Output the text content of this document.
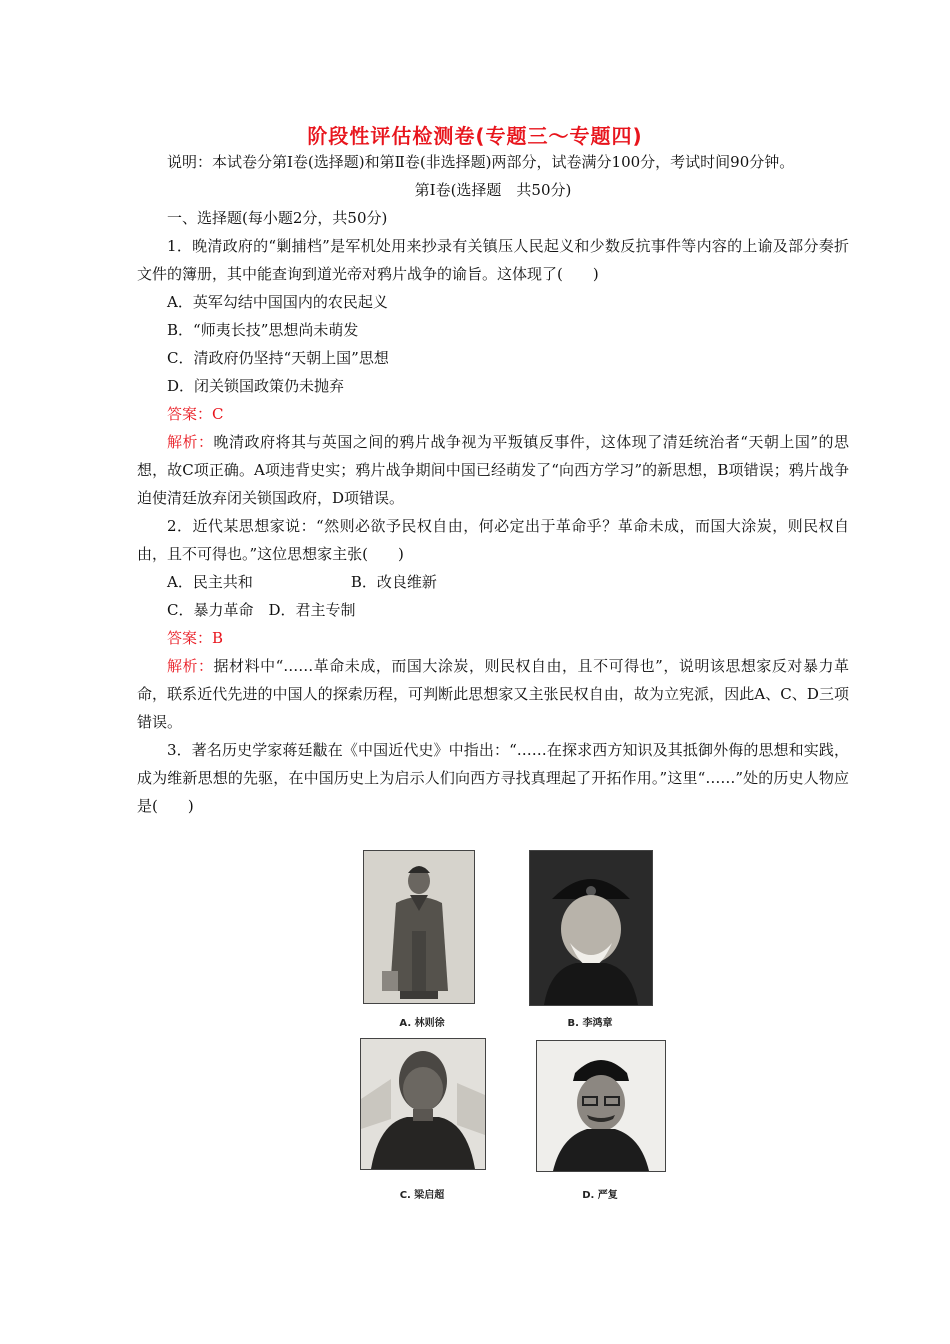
阶段性评估检测卷(专题三～专题四)

说明：本试卷分第Ⅰ卷(选择题)和第Ⅱ卷(非选择题)两部分，试卷满分100分，考试时间90分钟。

第Ⅰ卷(选择题　共50分)

一、选择题(每小题2分，共50分)

1．晚清政府的“剿捕档”是军机处用来抄录有关镇压人民起义和少数反抗事件等内容的上谕及部分奏折文件的簿册，其中能查询到道光帝对鸦片战争的谕旨。这体现了(　　)

A．英军勾结中国国内的农民起义

B．“师夷长技”思想尚未萌发

C．清政府仍坚持“天朝上国”思想

D．闭关锁国政策仍未抛弃

答案：C

解析：晚清政府将其与英国之间的鸦片战争视为平叛镇反事件，这体现了清廷统治者“天朝上国”的思想，故C项正确。A项违背史实；鸦片战争期间中国已经萌发了“向西方学习”的新思想，B项错误；鸦片战争迫使清廷放弃闭关锁国政府，D项错误。

2．近代某思想家说：“然则必欲予民权自由，何必定出于革命乎？革命未成，而国大涂炭，则民权自由，且不可得也。”这位思想家主张(　　)

A．民主共和	B．改良维新

C．暴力革命　 D．君主专制

答案：B

解析：据材料中“……革命未成，而国大涂炭，则民权自由，且不可得也”，说明该思想家反对暴力革命，联系近代先进的中国人的探索历程，可判断此思想家又主张民权自由，故为立宪派，因此A、C、D三项错误。

3．著名历史学家蒋廷黻在《中国近代史》中指出：“……在探求西方知识及其抵御外侮的思想和实践，成为维新思想的先驱，在中国历史上为启示人们向西方寻找真理起了开拓作用。”这里“……”处的历史人物应是(　　)

A. 林则徐	B. 李鸿章
C. 梁启超	D. 严复
